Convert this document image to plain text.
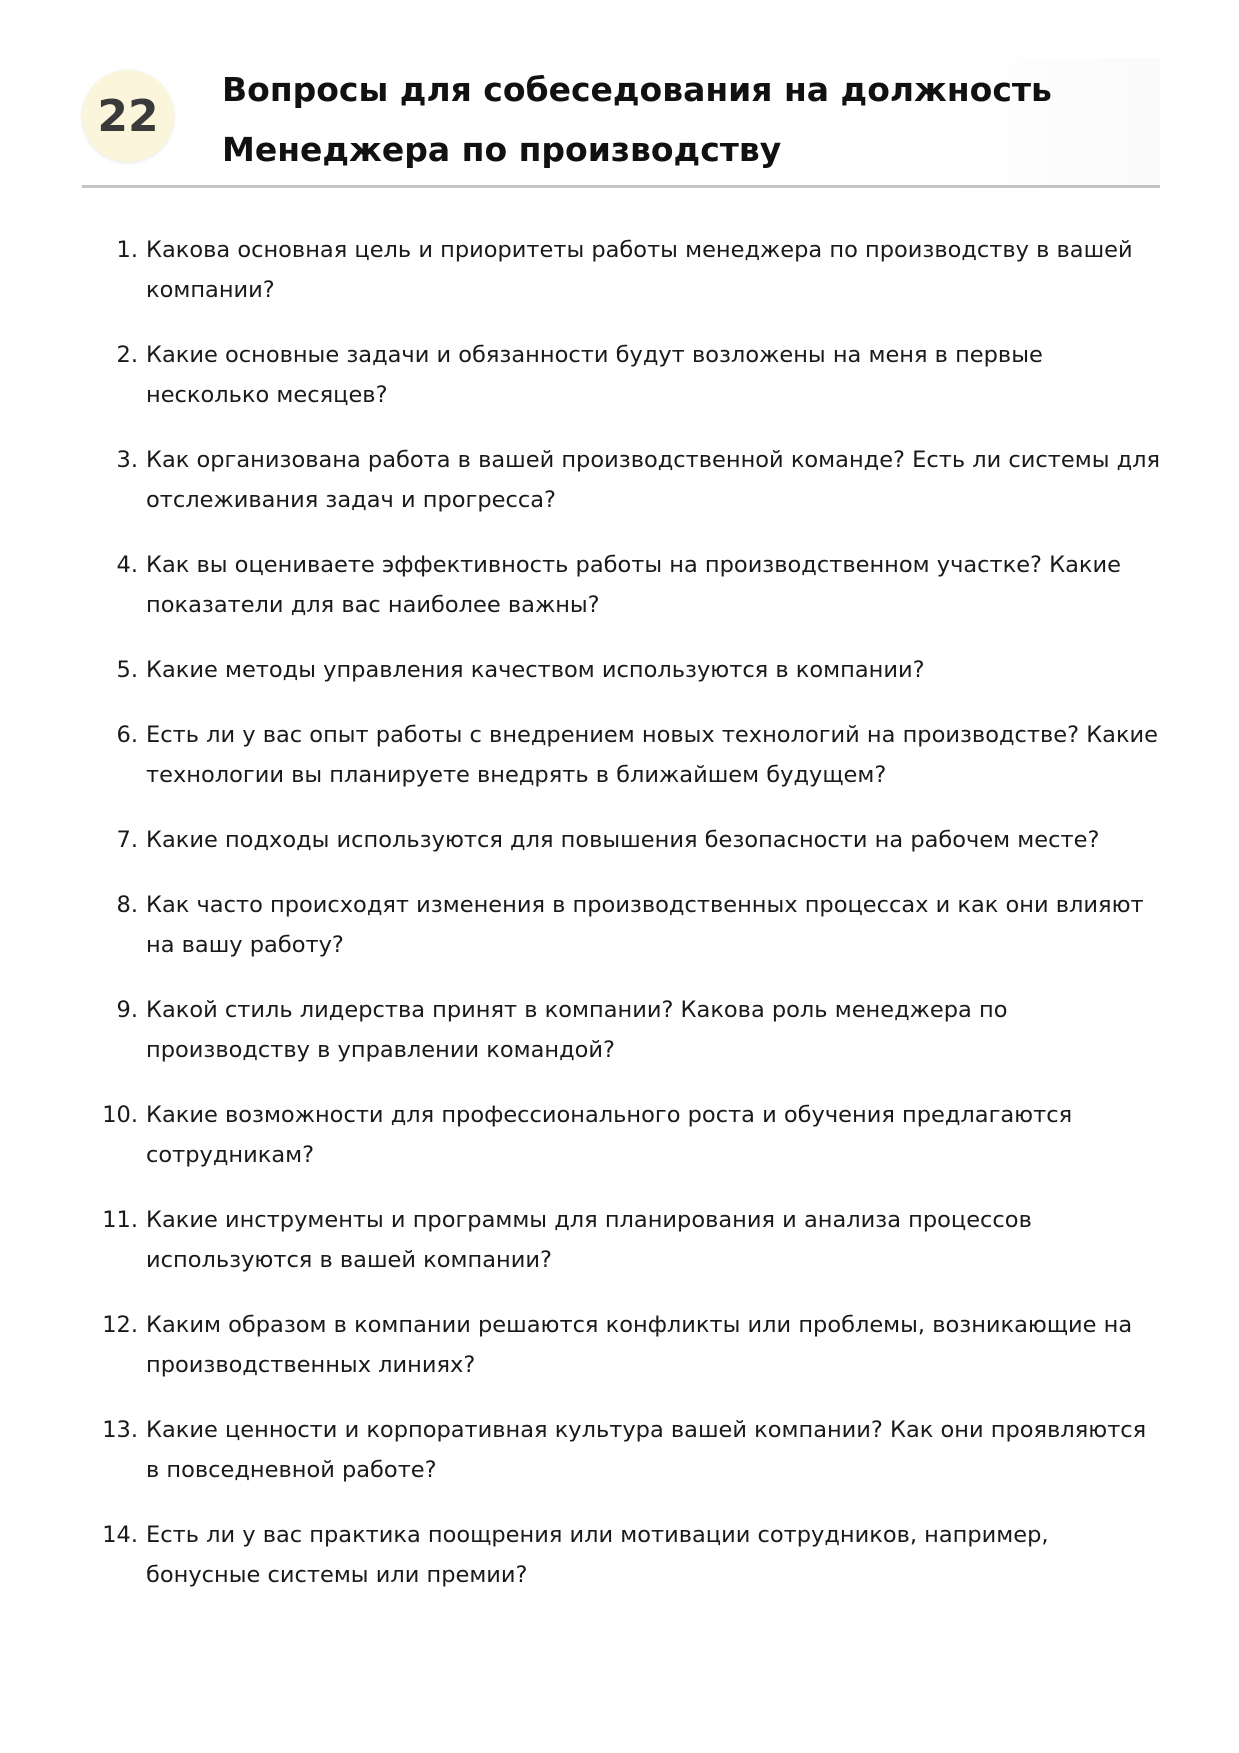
22
Вопросы для собеседования на должность
Менеджера по производству
1. Какова основная цель и приоритеты работы менеджера по производству в вашей компании?
2. Какие основные задачи и обязанности будут возложены на меня в первые несколько месяцев?
3. Как организована работа в вашей производственной команде? Есть ли системы для отслеживания задач и прогресса?
4. Как вы оцениваете эффективность работы на производственном участке? Какие показатели для вас наиболее важны?
5. Какие методы управления качеством используются в компании?
6. Есть ли у вас опыт работы с внедрением новых технологий на производстве? Какие технологии вы планируете внедрять в ближайшем будущем?
7. Какие подходы используются для повышения безопасности на рабочем месте?
8. Как часто происходят изменения в производственных процессах и как они влияют на вашу работу?
9. Какой стиль лидерства принят в компании? Какова роль менеджера по производству в управлении командой?
10. Какие возможности для профессионального роста и обучения предлагаются сотрудникам?
11. Какие инструменты и программы для планирования и анализа процессов используются в вашей компании?
12. Каким образом в компании решаются конфликты или проблемы, возникающие на производственных линиях?
13. Какие ценности и корпоративная культура вашей компании? Как они проявляются в повседневной работе?
14. Есть ли у вас практика поощрения или мотивации сотрудников, например, бонусные системы или премии?
